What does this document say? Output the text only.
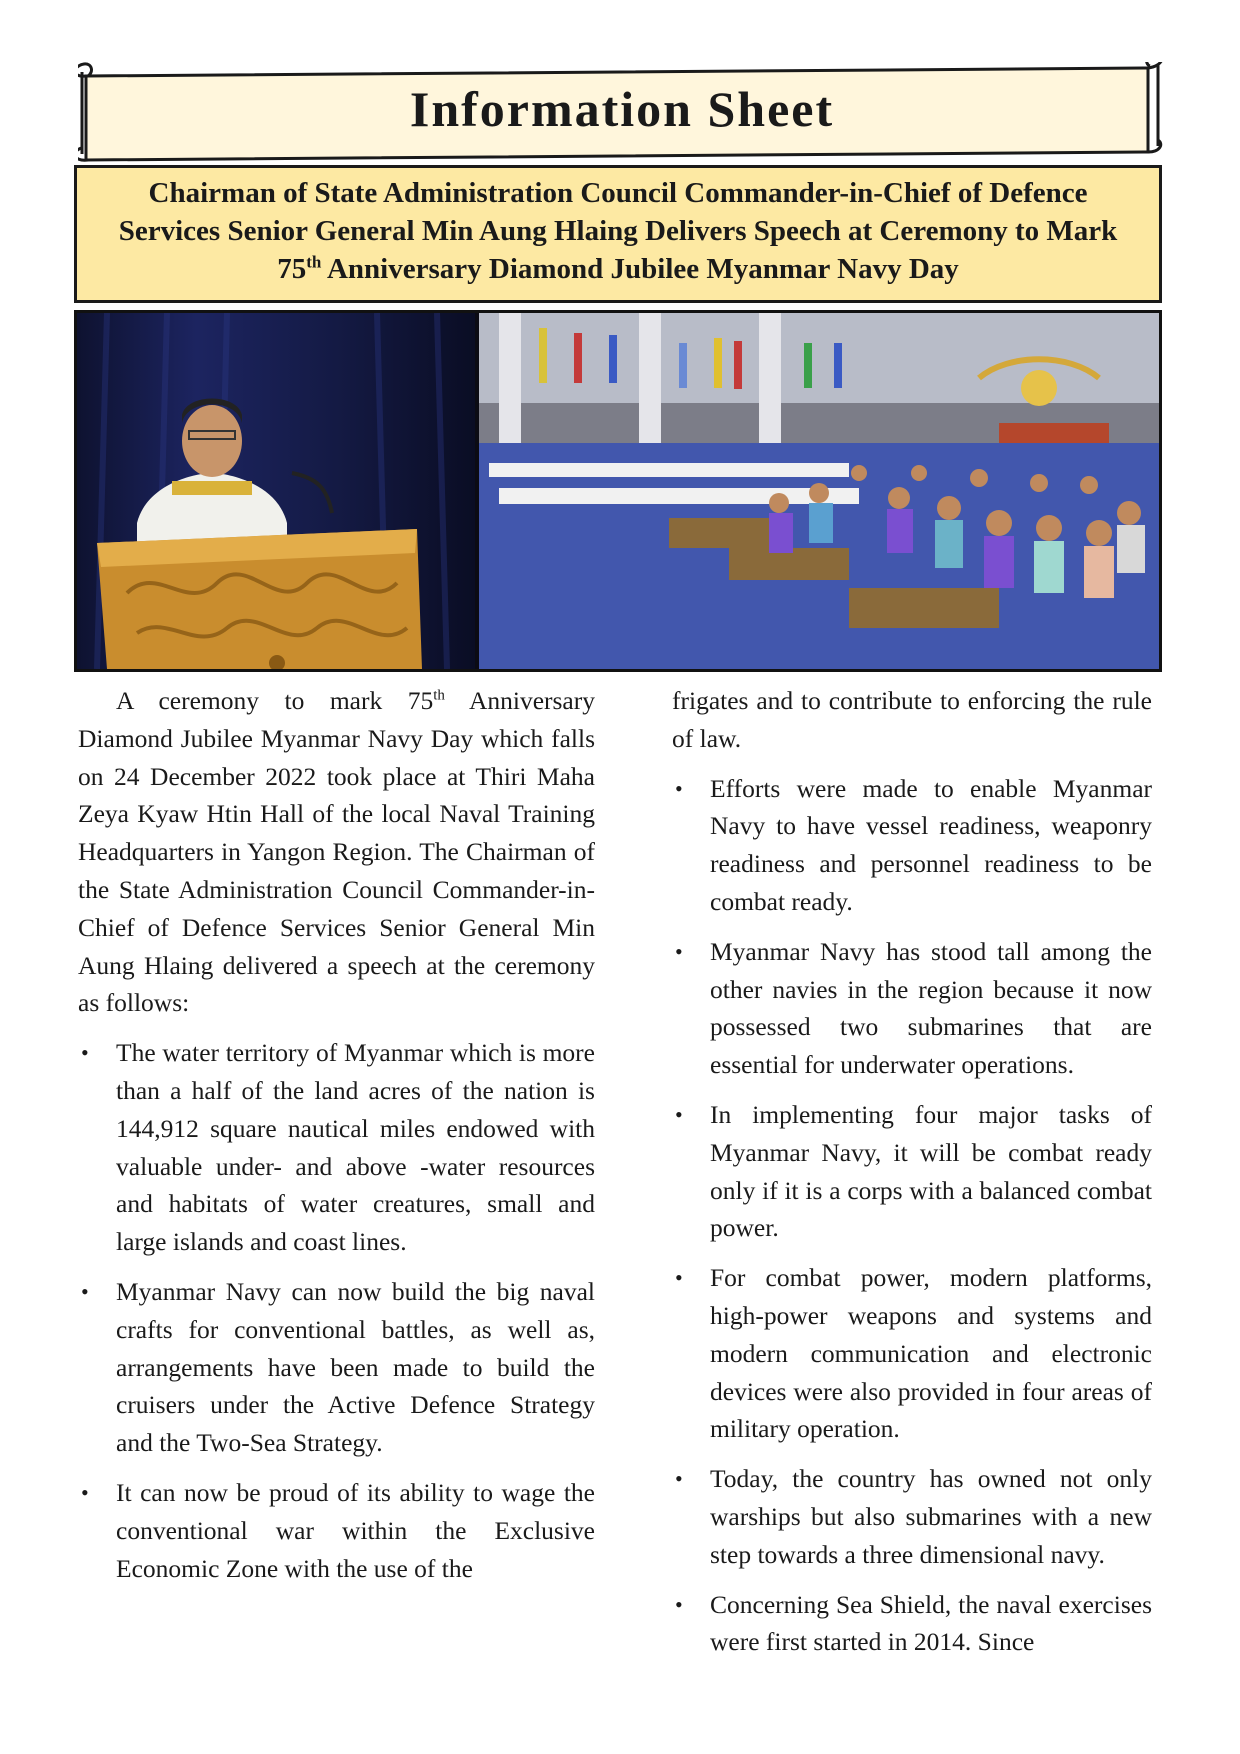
Information Sheet
Chairman of State Administration Council Commander-in-Chief of Defence
Services Senior General Min Aung Hlaing Delivers Speech at Ceremony to Mark
75th Anniversary Diamond Jubilee Myanmar Navy Day

A ceremony to mark 75th Anniversary Diamond Jubilee Myanmar Navy Day which falls on 24 December 2022 took place at Thiri Maha Zeya Kyaw Htin Hall of the local Naval Training Headquarters in Yangon Region. The Chairman of the State Administration Council Commander-in-Chief of Defence Services Senior General Min Aung Hlaing delivered a speech at the ceremony as follows:

• The water territory of Myanmar which is more than a half of the land acres of the nation is 144,912 square nautical miles endowed with valuable under- and above -water resources and habitats of water creatures, small and large islands and coast lines.
• Myanmar Navy can now build the big naval crafts for conventional battles, as well as, arrangements have been made to build the cruisers under the Active Defence Strategy and the Two-Sea Strategy.
• It can now be proud of its ability to wage the conventional war within the Exclusive Economic Zone with the use of the

frigates and to contribute to enforcing the rule of law.

• Efforts were made to enable Myanmar Navy to have vessel readiness, weaponry readiness and personnel readiness to be combat ready.
• Myanmar Navy has stood tall among the other navies in the region because it now possessed two submarines that are essential for underwater operations.
• In implementing four major tasks of Myanmar Navy, it will be combat ready only if it is a corps with a balanced combat power.
• For combat power, modern platforms, high-power weapons and systems and modern communication and electronic devices were also provided in four areas of military operation.
• Today, the country has owned not only warships but also submarines with a new step towards a three dimensional navy.
• Concerning Sea Shield, the naval exercises were first started in 2014. Since
